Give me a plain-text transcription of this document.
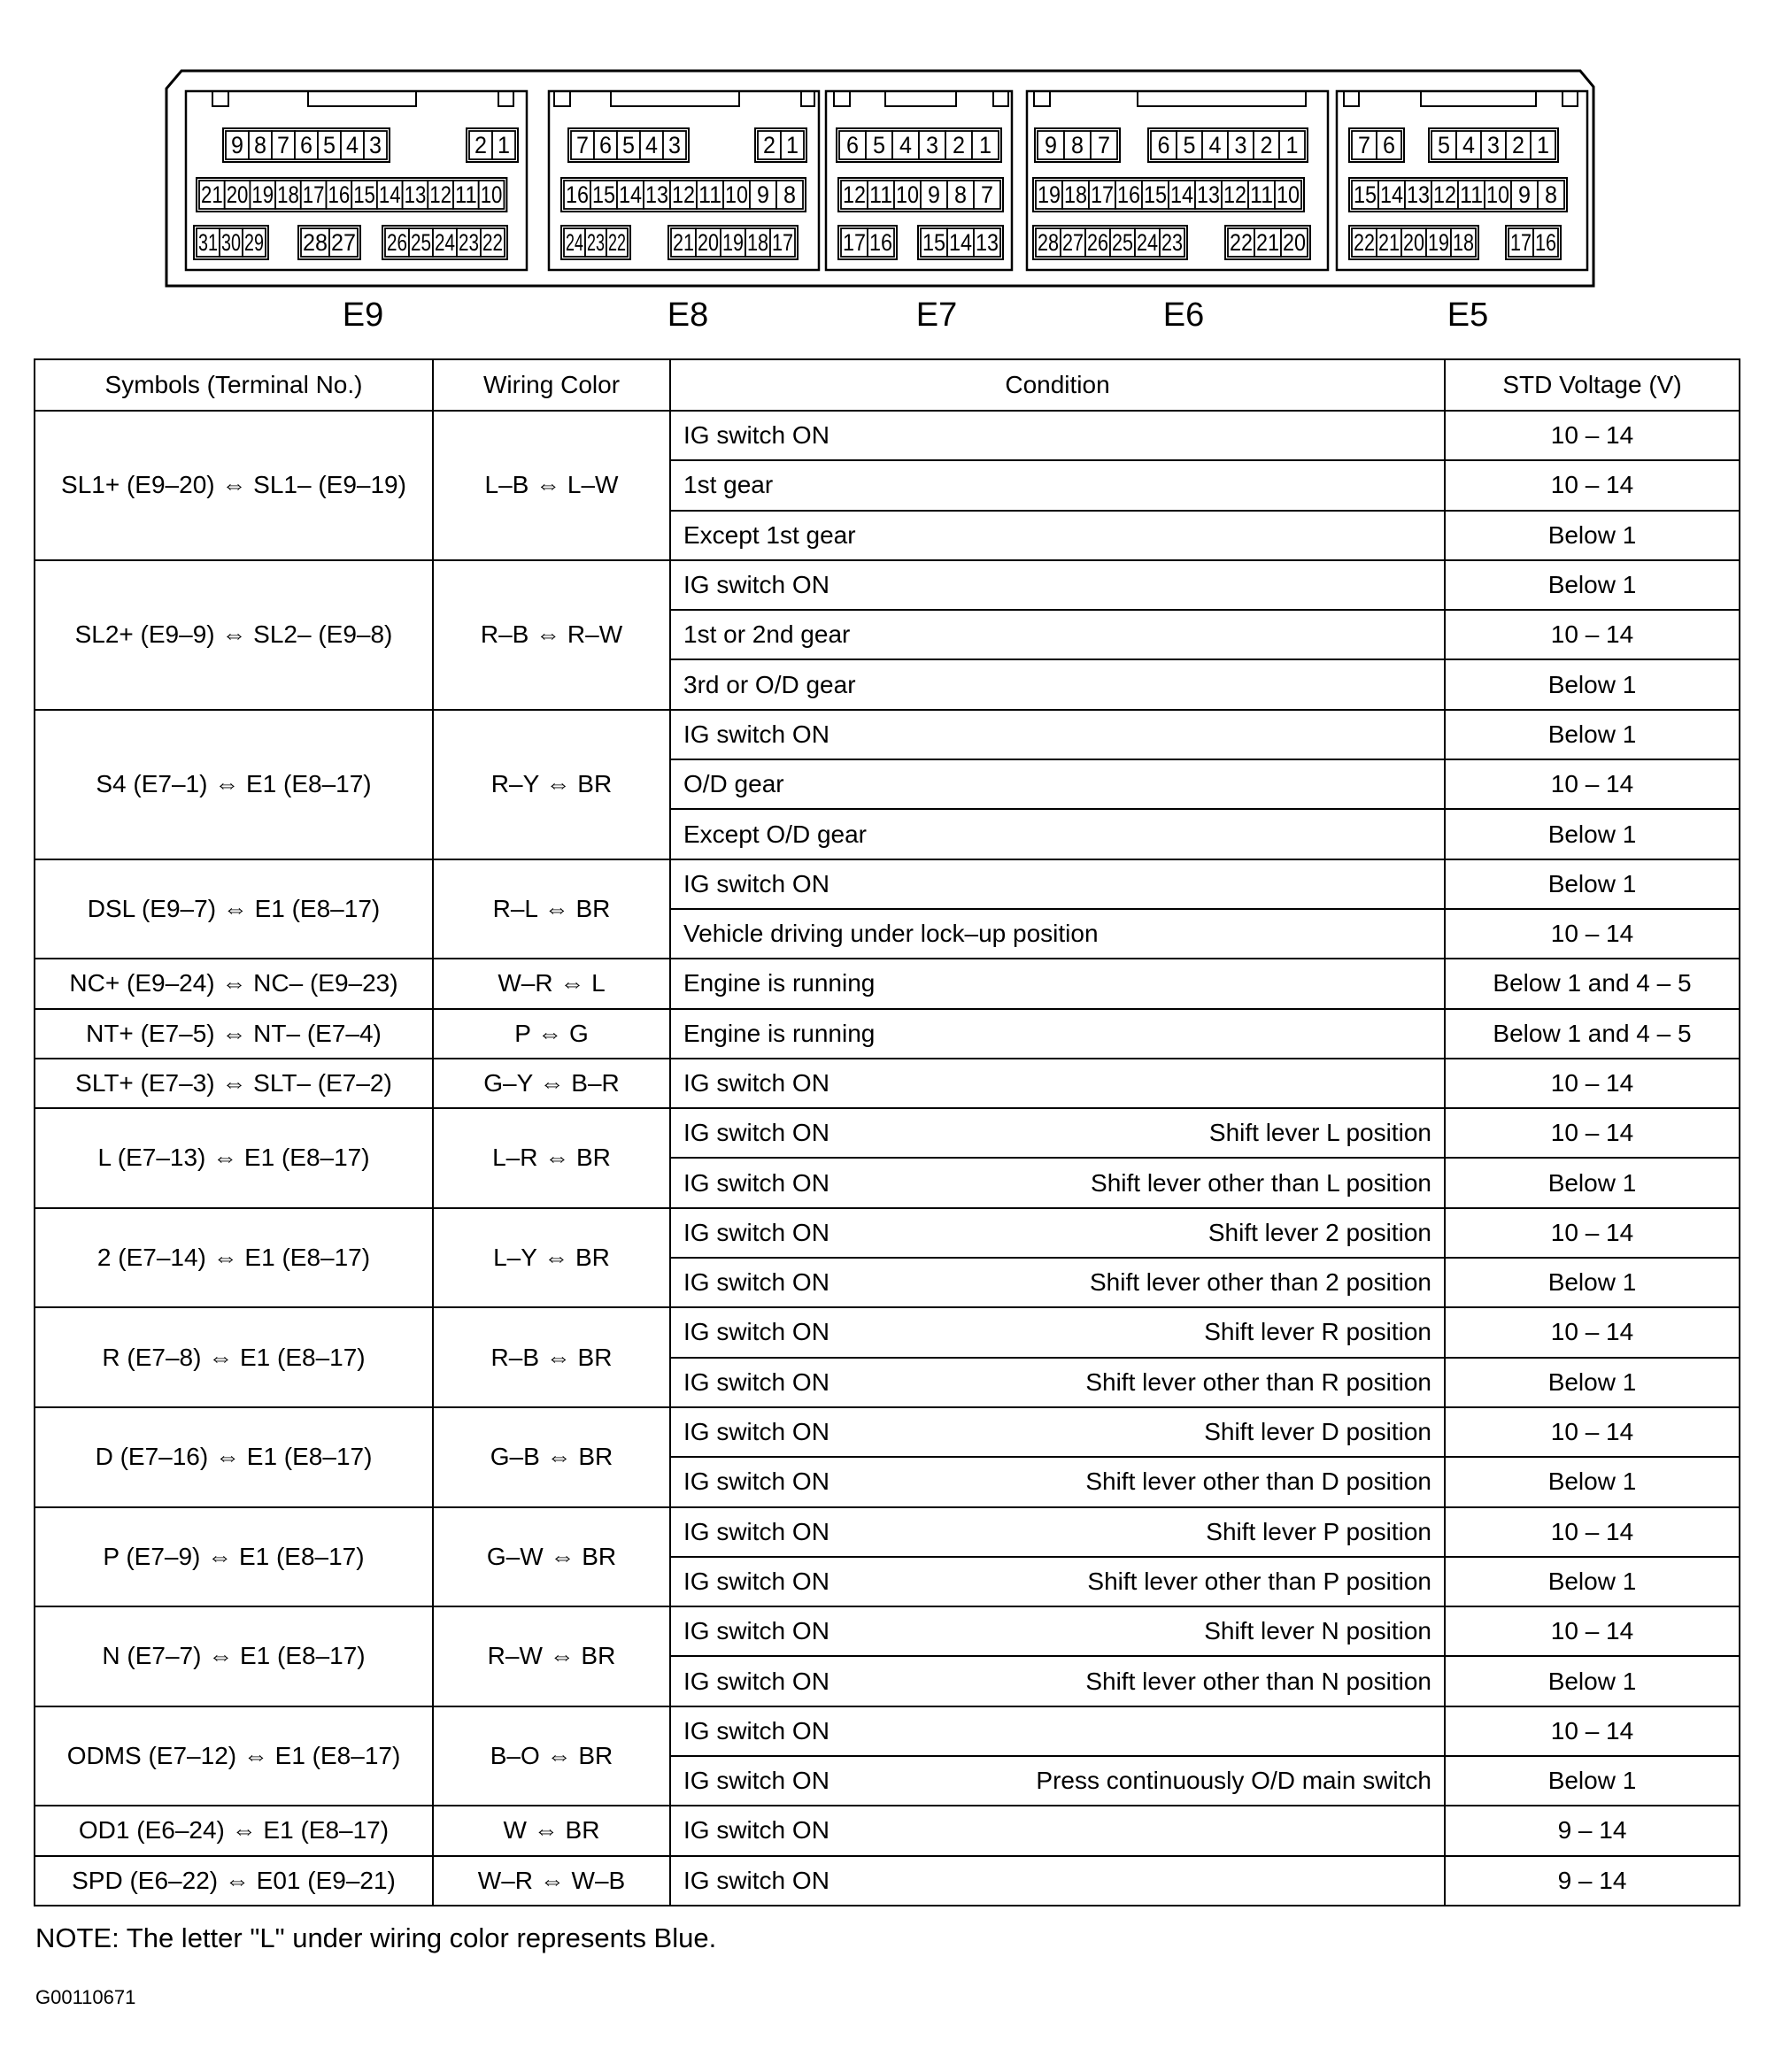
9 8 7 6 5 4 3	2 1
21 20 19 18 17 16 15 14 13 12 11 10
31 30 29 28 27 26 25 24 23 22
E9
7 6 5 4 3	2 1
16 15 14 13 12 11 10 9 8
24 23 22 21 20 19 18 17
E8
6 5 4 3 2 1
12 11 10 9 8 7
17 16 15 14 13
E7
9 8 7 6 5 4 3 2 1
19 18 17 16 15 14 13 12 11 10
28 27 26 25 24 23 22 21 20
E6
7 6 5 4 3 2 1
15 14 13 12 11 10 9 8
22 21 20 19 18 17 16
E5
Symbols (Terminal No.)	Wiring Color	Condition	STD Voltage (V)
SL1+ (E9–20) ⇔ SL1– (E9–19)	L–B ⇔ L–W	IG switch ON	10 – 14

		1st gear	10 – 14

		Except 1st gear	Below 1
SL2+ (E9–9) ⇔ SL2– (E9–8)	R–B ⇔ R–W	IG switch ON	Below 1

		1st or 2nd gear	10 – 14

		3rd or O/D gear	Below 1
S4 (E7–1) ⇔ E1 (E8–17)	R–Y ⇔ BR	IG switch ON	Below 1

		O/D gear	10 – 14

		Except O/D gear	Below 1
DSL (E9–7) ⇔ E1 (E8–17)	R–L ⇔ BR	IG switch ON	Below 1

		Vehicle driving under lock–up position	10 – 14
NC+ (E9–24) ⇔ NC– (E9–23)	W–R ⇔ L	Engine is running	Below 1 and 4 – 5
NT+ (E7–5) ⇔ NT– (E7–4)	P ⇔ G	Engine is running	Below 1 and 4 – 5
SLT+ (E7–3) ⇔ SLT– (E7–2)	G–Y ⇔ B–R	IG switch ON	10 – 14
L (E7–13) ⇔ E1 (E8–17)	L–R ⇔ BR	IG switch ON Shift lever L position	10 – 14

		IG switch ON Shift lever other than L position	Below 1
2 (E7–14) ⇔ E1 (E8–17)	L–Y ⇔ BR	IG switch ON Shift lever 2 position	10 – 14

		IG switch ON Shift lever other than 2 position	Below 1
R (E7–8) ⇔ E1 (E8–17)	R–B ⇔ BR	IG switch ON Shift lever R position	10 – 14

		IG switch ON Shift lever other than R position	Below 1
D (E7–16) ⇔ E1 (E8–17)	G–B ⇔ BR	IG switch ON Shift lever D position	10 – 14

		IG switch ON Shift lever other than D position	Below 1
P (E7–9) ⇔ E1 (E8–17)	G–W ⇔ BR	IG switch ON Shift lever P position	10 – 14

		IG switch ON Shift lever other than P position	Below 1
N (E7–7) ⇔ E1 (E8–17)	R–W ⇔ BR	IG switch ON Shift lever N position	10 – 14

		IG switch ON Shift lever other than N position	Below 1
ODMS (E7–12) ⇔ E1 (E8–17)	B–O ⇔ BR	IG switch ON	10 – 14

		IG switch ON Press continuously O/D main switch	Below 1
OD1 (E6–24) ⇔ E1 (E8–17)	W ⇔ BR	IG switch ON	9 – 14
SPD (E6–22) ⇔ E01 (E9–21)	W–R ⇔ W–B	IG switch ON	9 – 14

NOTE: The letter "L" under wiring color represents Blue.

G00110671
